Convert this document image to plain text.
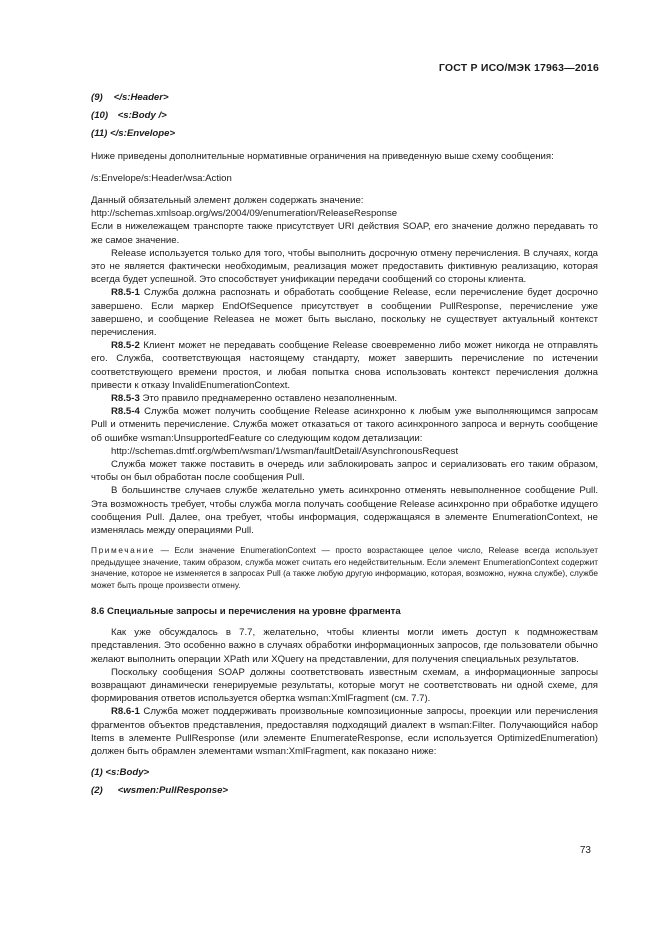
ГОСТ Р ИСО/МЭК 17963—2016
(9) </s:Header>
(10) <s:Body />
(11) </s:Envelope>

Ниже приведены дополнительные нормативные ограничения на приведенную выше схему сообщения:

/s:Envelope/s:Header/wsa:Action

Данный обязательный элемент должен содержать значение:

http://schemas.xmlsoap.org/ws/2004/09/enumeration/ReleaseResponse

Если в нижележащем транспорте также присутствует URI действия SOAP, его значение должно передавать то же самое значение.

Release используется только для того, чтобы выполнить досрочную отмену перечисления. В случаях, когда это не является фактически необходимым, реализация может предоставить фиктивную реализацию, которая всегда будет успешной. Это способствует унификации передачи сообщений со стороны клиента.

R8.5-1 Служба должна распознать и обработать сообщение Release, если перечисление будет досрочно завершено. Если маркер EndOfSequence присутствует в сообщении PullResponse, перечисление уже завершено, и сообщение Releasea не может быть выслано, поскольку не существует актуальный контекст перечисления.

R8.5-2 Клиент может не передавать сообщение Release своевременно либо может никогда не отправлять его. Служба, соответствующая настоящему стандарту, может завершить перечисление по истечении соответствующего времени простоя, и любая попытка снова использовать контекст перечисления должна привести к отказу InvalidEnumerationContext.

R8.5-3 Это правило преднамеренно оставлено незаполненным.

R8.5-4 Служба может получить сообщение Release асинхронно к любым уже выполняющимся запросам Pull и отменить перечисление. Служба может отказаться от такого асинхронного запроса и вернуть сообщение об ошибке wsman:UnsupportedFeature со следующим кодом детализации:

http://schemas.dmtf.org/wbem/wsman/1/wsman/faultDetail/AsynchronousRequest

Служба может также поставить в очередь или заблокировать запрос и сериализовать его таким образом, чтобы он был обработан после сообщения Pull.

В большинстве случаев службе желательно уметь асинхронно отменять невыполненное сообщение Pull. Эта возможность требует, чтобы служба могла получать сообщение Release асинхронно при обработке идущего сообщения Pull. Далее, она требует, чтобы информация, содержащаяся в элементе EnumerationContext, не изменялась между операциями Pull.

Примечание — Если значение EnumerationContext — просто возрастающее целое число, Release всегда использует предыдущее значение, таким образом, служба может считать его недействительным. Если элемент EnumerationContext содержит значение, которое не изменяется в запросах Pull (а также любую другую информацию, которая, возможно, нужна службе), службе может быть проще произвести отмену.

8.6 Специальные запросы и перечисления на уровне фрагмента

Как уже обсуждалось в 7.7, желательно, чтобы клиенты могли иметь доступ к подмножествам представления. Это особенно важно в случаях обработки информационных запросов, где пользователи обычно желают выполнить операции XPath или XQuery на представлении, для получения специальных результатов.

Поскольку сообщения SOAP должны соответствовать известным схемам, а информационные запросы возвращают динамически генерируемые результаты, которые могут не соответствовать ни одной схеме, для формирования ответов используется обертка wsman:XmlFragment (см. 7.7).

R8.6-1 Служба может поддерживать произвольные композиционные запросы, проекции или перечисления фрагментов объектов представления, предоставляя подходящий диалект в wsman:Filter. Получающийся набор Items в элементе PullResponse (или элементе EnumerateResponse, если используется OptimizedEnumeration) должен быть обрамлен элементами wsman:XmlFragment, как показано ниже:

(1) <s:Body>
(2) <wsmen:PullResponse>
73
